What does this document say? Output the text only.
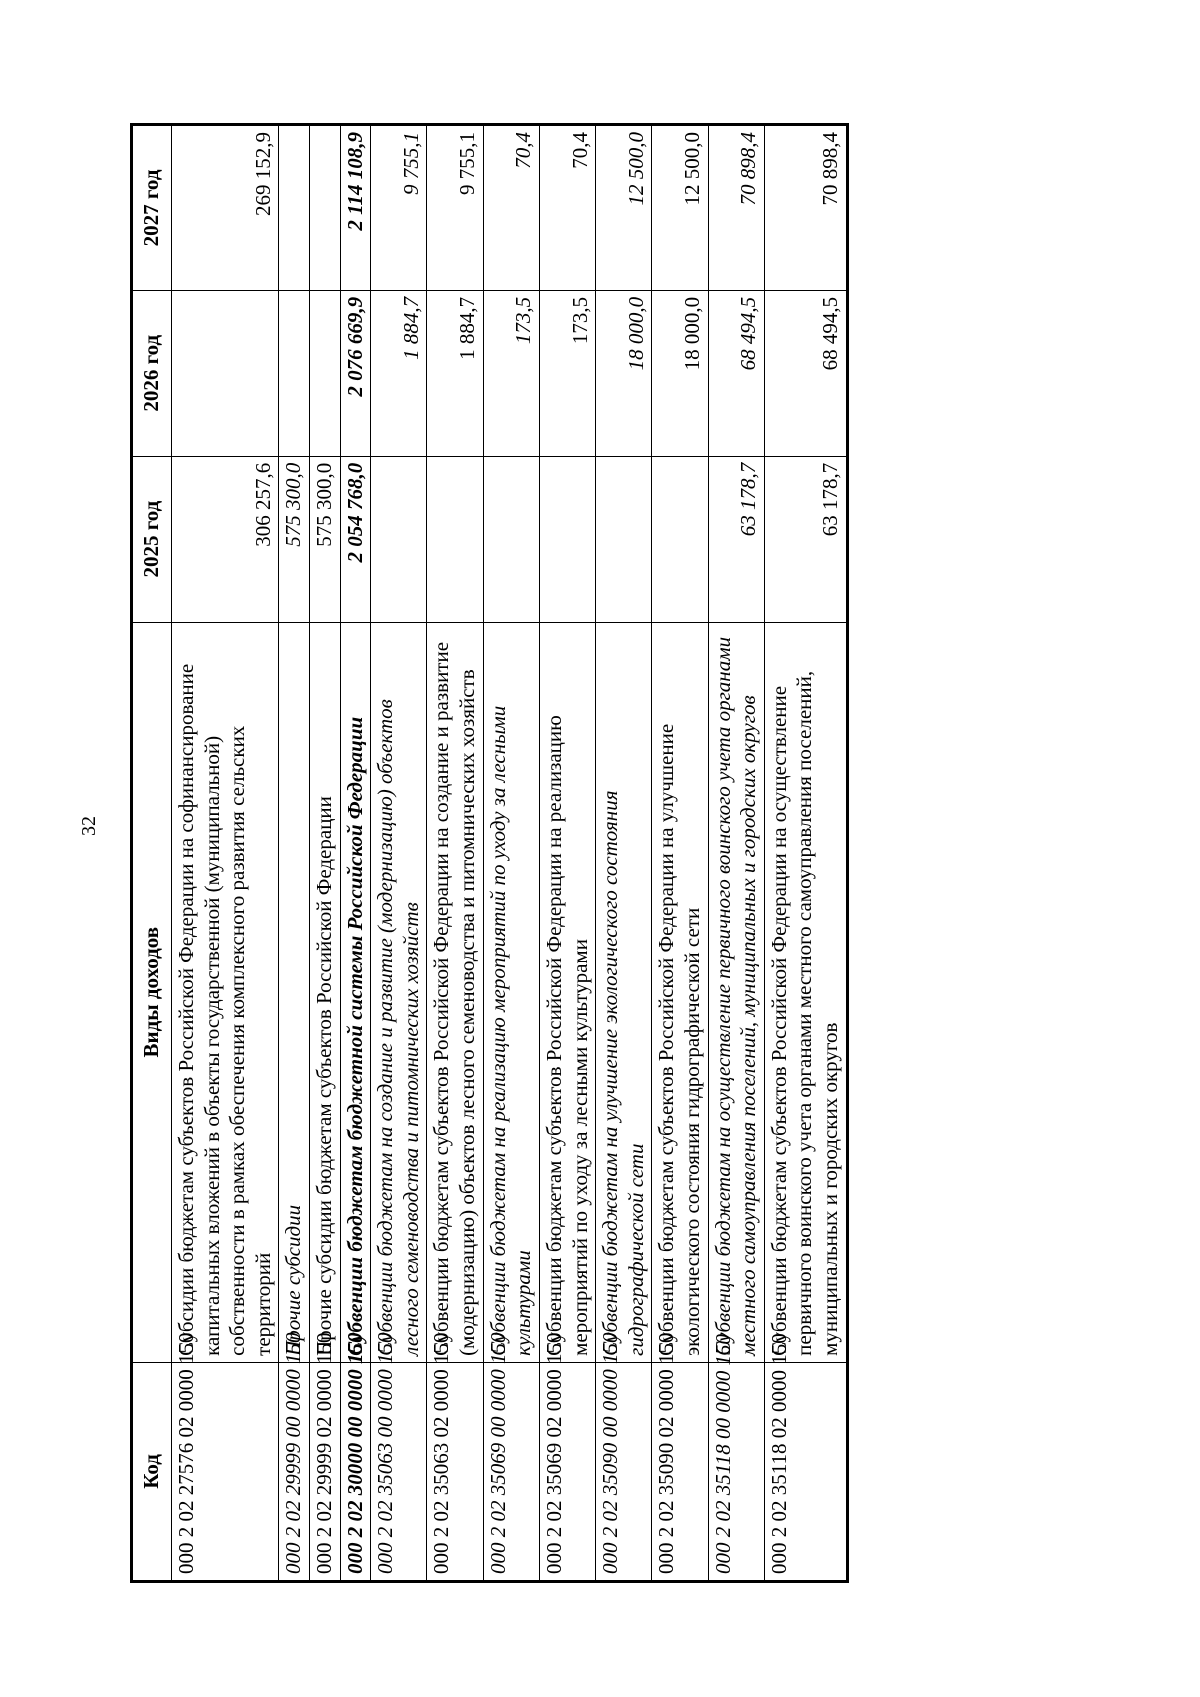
32
Код	Виды доходов	2025 год	2026 год	2027 год
000 2 02 27576 02 0000 150	Субсидии бюджетам субъектов Российской Федерации на софинансирование капитальных вложений в объекты государственной (муниципальной) собственности в рамках обеспечения комплексного развития сельских территорий	306 257,6		269 152,9
000 2 02 29999 00 0000 150	Прочие субсидии	575 300,0		
000 2 02 29999 02 0000 150	Прочие субсидии бюджетам субъектов Российской Федерации	575 300,0		
000 2 02 30000 00 0000 150	Субвенции бюджетам бюджетной системы Российской Федерации	2 054 768,0	2 076 669,9	2 114 108,9
000 2 02 35063 00 0000 150	Субвенции бюджетам на создание и развитие (модернизацию) объектов лесного семеноводства и питомнических хозяйств		1 884,7	9 755,1
000 2 02 35063 02 0000 150	Субвенции бюджетам субъектов Российской Федерации на создание и развитие (модернизацию) объектов лесного семеноводства и питомнических хозяйств		1 884,7	9 755,1
000 2 02 35069 00 0000 150	Субвенции бюджетам на реализацию мероприятий по уходу за лесными культурами		173,5	70,4
000 2 02 35069 02 0000 150	Субвенции бюджетам субъектов Российской Федерации на реализацию мероприятий по уходу за лесными культурами		173,5	70,4
000 2 02 35090 00 0000 150	Субвенции бюджетам на улучшение экологического состояния гидрографической сети		18 000,0	12 500,0
000 2 02 35090 02 0000 150	Субвенции бюджетам субъектов Российской Федерации на улучшение экологического состояния гидрографической сети		18 000,0	12 500,0
000 2 02 35118 00 0000 150	Субвенции бюджетам на осуществление первичного воинского учета органами местного самоуправления поселений, муниципальных и городских округов	63 178,7	68 494,5	70 898,4
000 2 02 35118 02 0000 150	Субвенции бюджетам субъектов Российской Федерации на осуществление первичного воинского учета органами местного самоуправления поселений, муниципальных и городских округов	63 178,7	68 494,5	70 898,4
